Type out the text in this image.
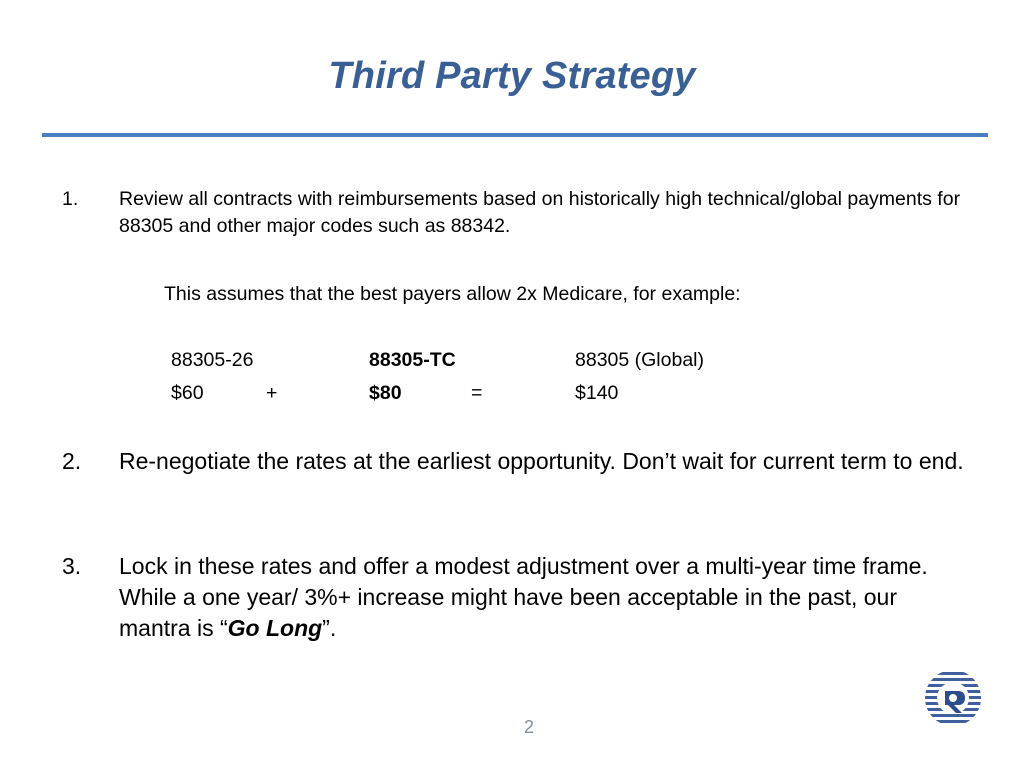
Third Party Strategy
1. Review all contracts with reimbursements based on historically high technical/global payments for 88305 and other major codes such as 88342.
This assumes that the best payers allow 2x Medicare, for example:
88305-26	88305-TC	88305 (Global)
$60	+	$80	=	$140
2. Re-negotiate the rates at the earliest opportunity. Don’t wait for current term to end.
3. Lock in these rates and offer a modest adjustment over a multi-year time frame. While a one year/ 3%+ increase might have been acceptable in the past, our mantra is “Go Long”.
2
